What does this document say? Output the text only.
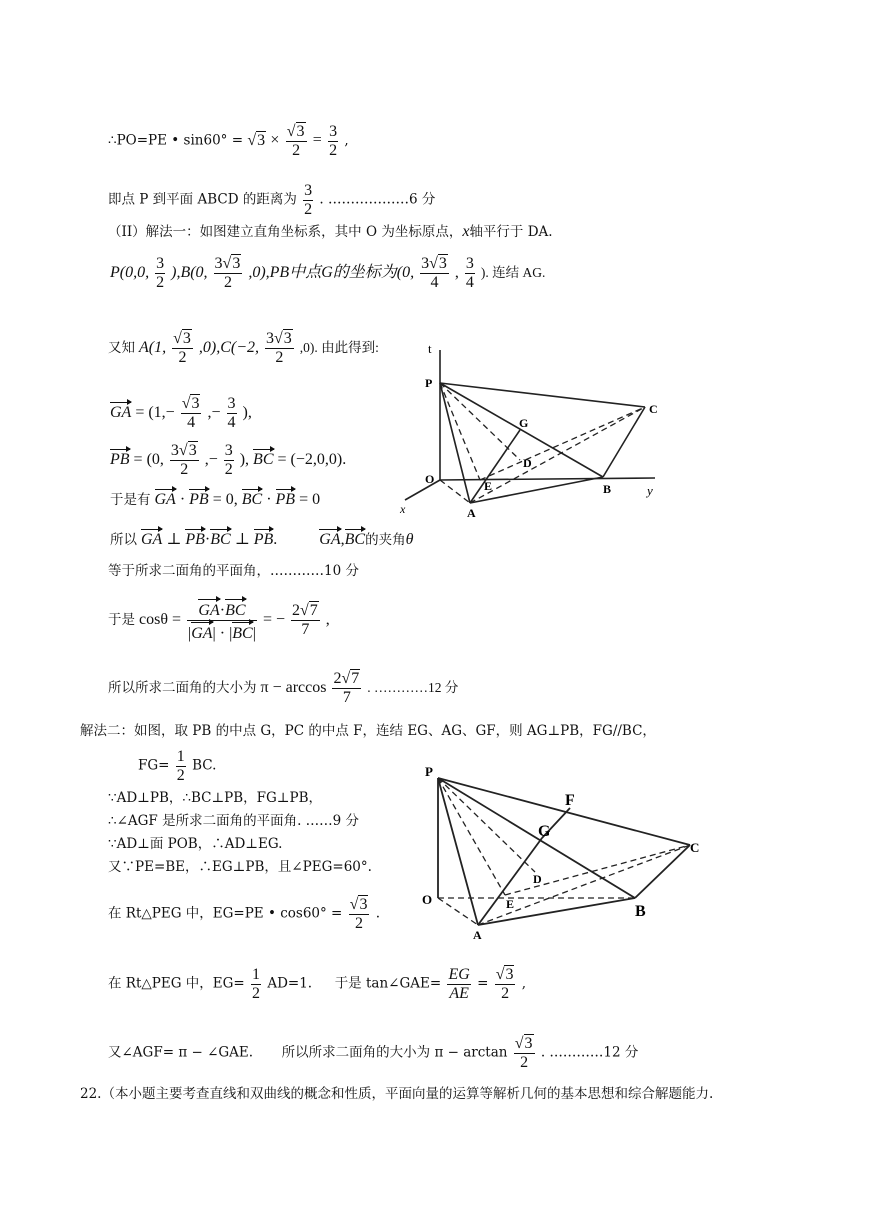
∴PO=PE • $\sin 60^\circ = √3 \times \frac{√3}{2} = \frac{3}{2}$ ,
即点 P 到平面 ABCD 的距离为 $\frac{3}{2}$ . ………………6 分
（II）解法一：如图建立直角坐标系，其中 O 为坐标原点，x轴平行于 DA.
P(0,0, $\frac{3}{2} ),B(0$, $\frac{3√3}{2} ,0),PB$中点G的坐标为(0, $\frac{3√3}{4}$ , $\frac{3}{4}$ ). 连结 AG.
又知 A(1, $\frac{√3}{2} ,0),C(-2$, $\frac{3√3}{2} ,0$). 由此得到:
GA = ($1,- \frac{√3}{4}$ ,− $\frac{3}{4}$ ),
PB = (0, $\frac{3√3}{2}$ ,− $\frac{3}{2}$ ), BC = (−2,0,0).
于是有 GA · PB = 0, BC · PB = 0
所以 GA ⊥ PB·BC ⊥ PB.	GA,BC的夹角θ
等于所求二面角的平面角，…………10 分
于是 $\cos\theta = \frac{GA\cdot BC}{|GA| \cdot |BC|}$ = − $\frac{2√7}{7}$ ,
所以所求二面角的大小为 $\pi - \arccos \frac{2√7}{7}$ . …………12 分
解法二：如图，取 PB 的中点 G，PC 的中点 F，连结 EG、AG、GF，则 AG⊥PB，FG//BC，
$FG= \frac{1}{2}$ BC.
∵AD⊥PB，∴BC⊥PB，FG⊥PB，
∴∠AGF 是所求二面角的平面角. ……9 分
∵AD⊥面 POB，∴AD⊥EG.
又∵PE=BE，∴EG⊥PB，且∠PEG=60°.
在 Rt△PEG 中，EG=PE • $\cos 60^\circ = \frac{√3}{2}$ .
在 Rt△PEG 中，$EG= \frac{1}{2} AD=1$. 于是 tan∠GAE= $\frac{EG}{AE} = \frac{√3}{2}$ ,
又∠AGF= π − ∠GAE. 所以所求二面角的大小为 $\pi - \arctan \frac{√3}{2}$ . …………12 分
22.（本小题主要考查直线和双曲线的概念和性质，平面向量的运算等解析几何的基本思想和综合解题能力.
t
P
G
C
D
O	E	B	y
A
x
P
F
G
C
D
O	E	B
A
